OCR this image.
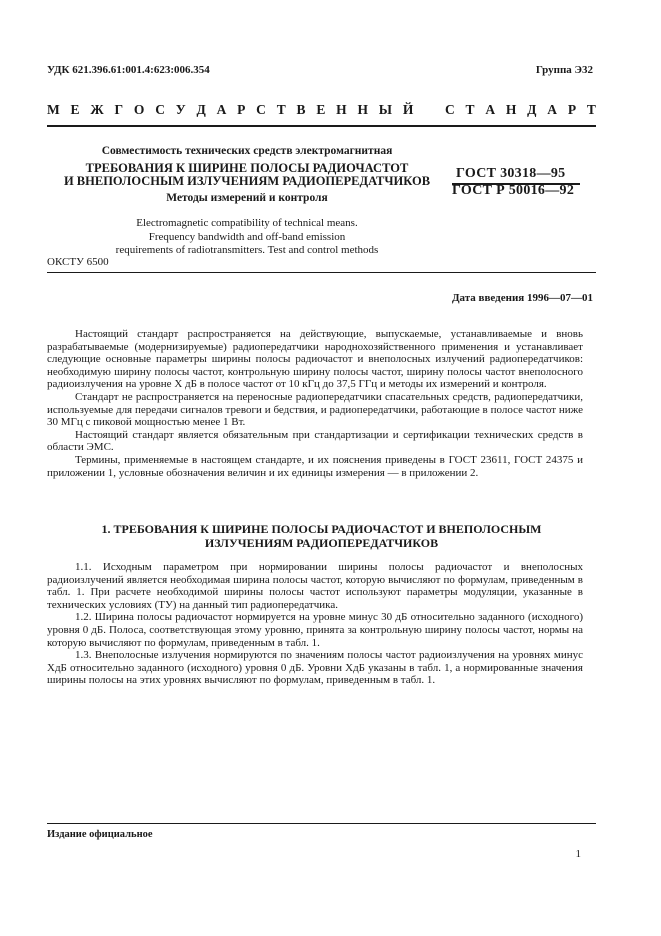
УДК 621.396.61:001.4:623:006.354	Группа Э32
М Е Ж Г О С У Д А Р С Т В Е Н Н Ы Й С Т А Н Д А Р Т
Совместимость технических средств электромагнитная
ТРЕБОВАНИЯ К ШИРИНЕ ПОЛОСЫ РАДИОЧАСТОТ
И ВНЕПОЛОСНЫМ ИЗЛУЧЕНИЯМ РАДИОПЕРЕДАТЧИКОВ
Методы измерений и контроля
ГОСТ 30318—95
ГОСТ Р 50016—92
Electromagnetic compatibility of technical means.
Frequency bandwidth and off-band emission
requirements of radiotransmitters. Test and control methods
ОКСТУ 6500
Дата введения 1996—07—01

Настоящий стандарт распространяется на действующие, выпускаемые, устанавливаемые и вновь разрабатываемые (модернизируемые) радиопередатчики народнохозяйственного применения и устанавливает следующие основные параметры ширины полосы радиочастот и внеполосных излучений радиопередатчиков: необходимую ширину полосы частот, контрольную ширину полосы частот, ширину полосы частот внеполосного радиоизлучения на уровне X дБ в полосе частот от 10 кГц до 37,5 ГГц и методы их измерений и контроля.

Стандарт не распространяется на переносные радиопередатчики спасательных средств, радиопередатчики, используемые для передачи сигналов тревоги и бедствия, и радиопередатчики, работающие в полосе частот ниже 30 МГц с пиковой мощностью менее 1 Вт.

Настоящий стандарт является обязательным при стандартизации и сертификации технических средств в области ЭМС.

Термины, применяемые в настоящем стандарте, и их пояснения приведены в ГОСТ 23611, ГОСТ 24375 и приложении 1, условные обозначения величин и их единицы измерения — в приложении 2.

1. ТРЕБОВАНИЯ К ШИРИНЕ ПОЛОСЫ РАДИОЧАСТОТ И ВНЕПОЛОСНЫМ
ИЗЛУЧЕНИЯМ РАДИОПЕРЕДАТЧИКОВ

1.1. Исходным параметром при нормировании ширины полосы радиочастот и внеполосных радиоизлучений является необходимая ширина полосы частот, которую вычисляют по формулам, приведенным в табл. 1. При расчете необходимой ширины полосы частот используют параметры модуляции, указанные в технических условиях (ТУ) на данный тип радиопередатчика.

1.2. Ширина полосы радиочастот нормируется на уровне минус 30 дБ относительно заданного (исходного) уровня 0 дБ. Полоса, соответствующая этому уровню, принята за контрольную ширину полосы частот, нормы на которую вычисляют по формулам, приведенным в табл. 1.

1.3. Внеполосные излучения нормируются по значениям полосы частот радиоизлучения на уровнях минус XдБ относительно заданного (исходного) уровня 0 дБ. Уровни XдБ указаны в табл. 1, а нормированные значения ширины полосы на этих уровнях вычисляют по формулам, приведенным в табл. 1.

Издание официальное
1
